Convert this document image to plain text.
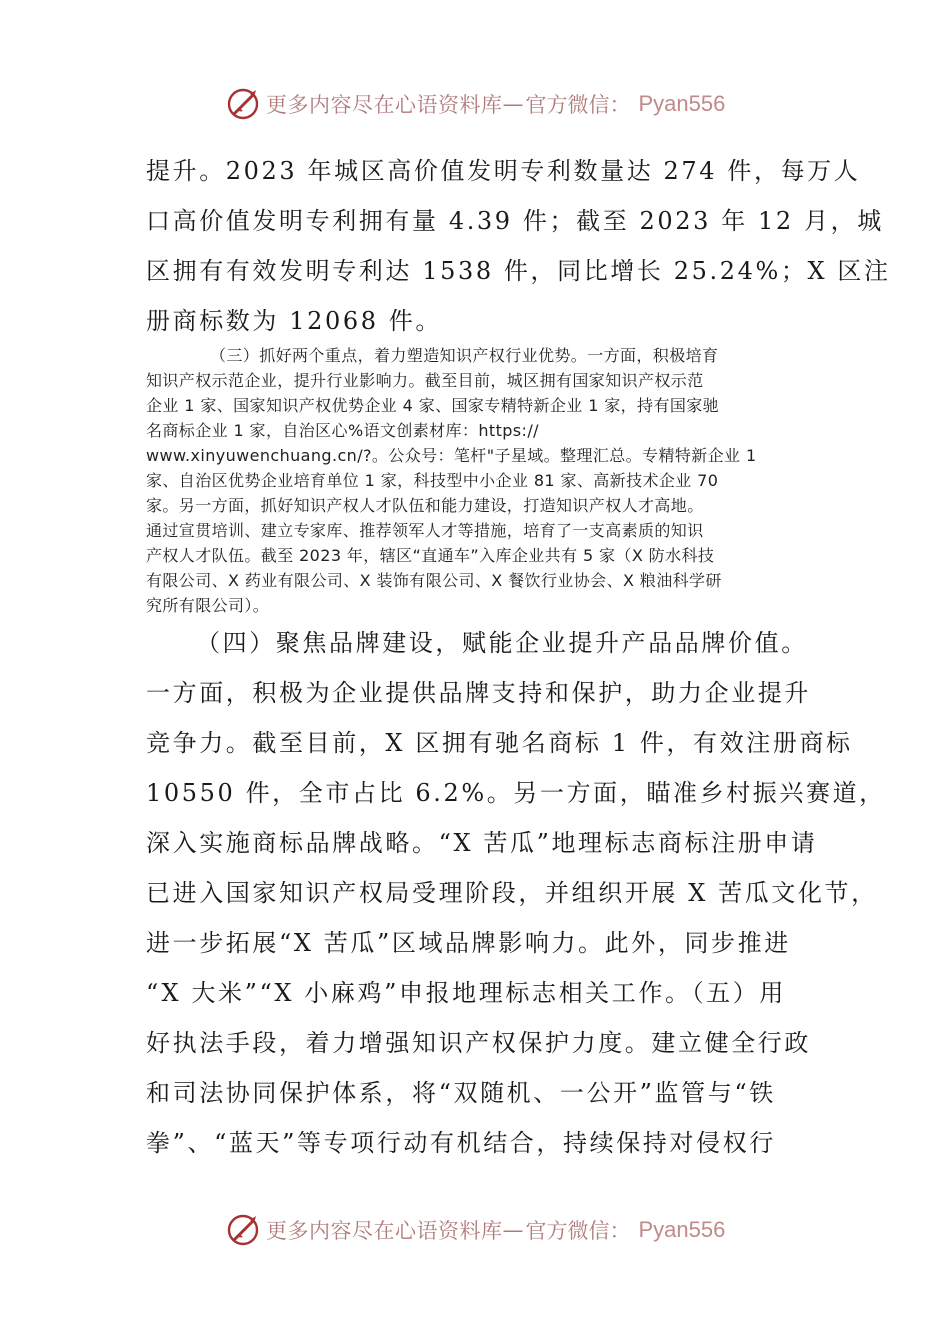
更多内容尽在心语资料库 — 官方微信： Pyan556
提升。2023 年城区高价值发明专利数量达 274 件，每万人
口高价值发明专利拥有量 4.39 件；截至 2023 年 12 月，城
区拥有有效发明专利达 1538 件，同比增长 25.24%；X 区注
册商标数为 12068 件。
（三）抓好两个重点，着力塑造知识产权行业优势。一方面，积极培育
知识产权示范企业，提升行业影响力。截至目前，城区拥有国家知识产权示范
企业 1 家、国家知识产权优势企业 4 家、国家专精特新企业 1 家，持有国家驰
名商标企业 1 家，自治区心%语文创素材库：https://
www.xinyuwenchuang.cn/?。公众号：笔杆"子星域。整理汇总。专精特新企业 1
家、自治区优势企业培育单位 1 家，科技型中小企业 81 家、高新技术企业 70
家。另一方面，抓好知识产权人才队伍和能力建设，打造知识产权人才高地。
通过宣贯培训、建立专家库、推荐领军人才等措施，培育了一支高素质的知识
产权人才队伍。截至 2023 年，辖区“直通车”入库企业共有 5 家（X 防水科技
有限公司、X 药业有限公司、X 装饰有限公司、X 餐饮行业协会、X 粮油科学研
究所有限公司）。
（四）聚焦品牌建设，赋能企业提升产品品牌价值。
一方面，积极为企业提供品牌支持和保护，助力企业提升
竞争力。截至目前，X 区拥有驰名商标 1 件，有效注册商标
10550 件，全市占比 6.2%。另一方面，瞄准乡村振兴赛道，
深入实施商标品牌战略。“X 苦瓜”地理标志商标注册申请
已进入国家知识产权局受理阶段，并组织开展 X 苦瓜文化节，
进一步拓展“X 苦瓜”区域品牌影响力。此外，同步推进
“X 大米”“X 小麻鸡”申报地理标志相关工作。（五）用
好执法手段，着力增强知识产权保护力度。建立健全行政
和司法协同保护体系，将“双随机、一公开”监管与“铁
拳”、“蓝天”等专项行动有机结合，持续保持对侵权行
更多内容尽在心语资料库 — 官方微信： Pyan556
